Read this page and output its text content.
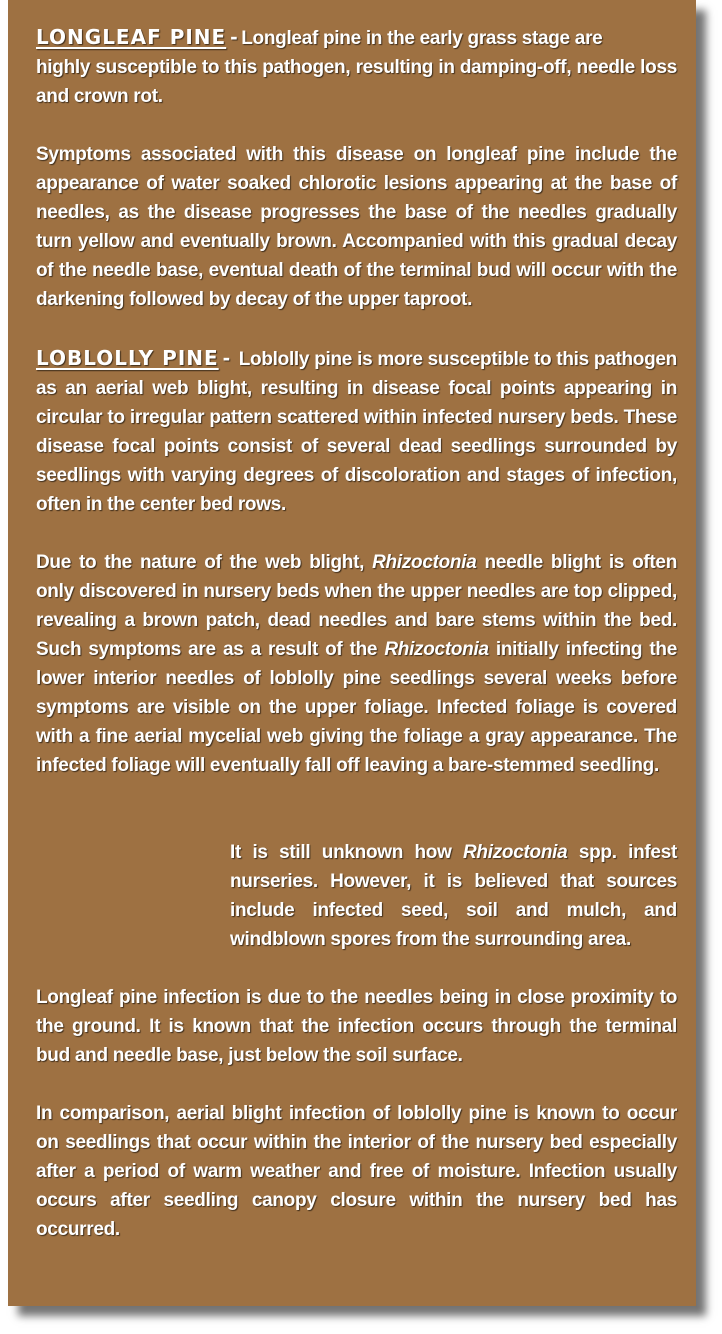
LONGLEAF PINE - Longleaf pine in the early grass stage are

highly susceptible to this pathogen, resulting in damping-off, needle loss and crown rot.

Symptoms associated with this disease on longleaf pine include the appearance of water soaked chlorotic lesions appearing at the base of needles, as the disease progresses the base of the needles gradually turn yellow and eventually brown. Accompanied with this gradual decay of the needle base, eventual death of the terminal bud will occur with the darkening followed by decay of the upper taproot.

LOBLOLLY PINE - Loblolly pine is more susceptible to this pathogen as an aerial web blight, resulting in disease focal points appearing in circular to irregular pattern scattered within infected nursery beds. These disease focal points consist of several dead seedlings surrounded by seedlings with varying degrees of discoloration and stages of infection, often in the center bed rows.

Due to the nature of the web blight, Rhizoctonia needle blight is often only discovered in nursery beds when the upper needles are top clipped, revealing a brown patch, dead needles and bare stems within the bed. Such symptoms are as a result of the Rhizoctonia initially infecting the lower interior needles of loblolly pine seedlings several weeks before symptoms are visible on the upper foliage. Infected foliage is covered with a fine aerial mycelial web giving the foliage a gray appearance. The infected foliage will eventually fall off leaving a bare-stemmed seedling.

It is still unknown how Rhizoctonia spp. infest nurseries. However, it is believed that sources include infected seed, soil and mulch, and windblown spores from the surrounding area.

Longleaf pine infection is due to the needles being in close proximity to the ground. It is known that the infection occurs through the terminal bud and needle base, just below the soil surface.

In comparison, aerial blight infection of loblolly pine is known to occur on seedlings that occur within the interior of the nursery bed especially after a period of warm weather and free of moisture. Infection usually occurs after seedling canopy closure within the nursery bed has occurred.
